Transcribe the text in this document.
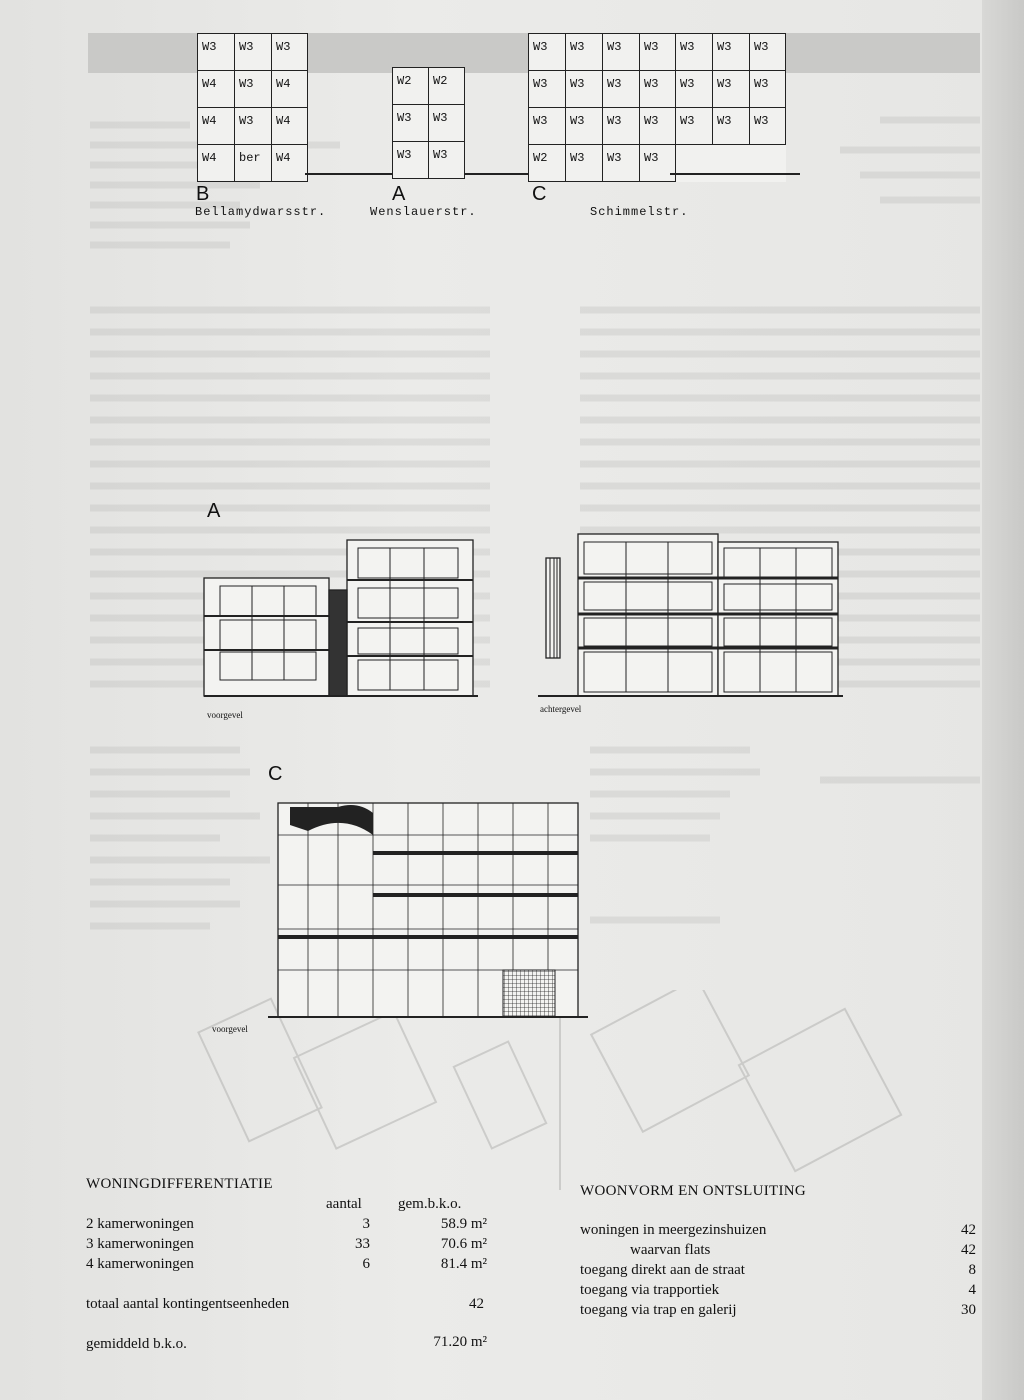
W3	W3	W3
W4	W3	W4
W4	W3	W4
W4	ber	W4
B
Bellamydwarsstr.
W2	W2
W3	W3
W3	W3
A
Wenslauerstr.
W3	W3	W3	W3	W3	W3	W3
W3	W3	W3	W3	W3	W3	W3
W3	W3	W3	W3	W3	W3	W3
W2	W3	W3	W3
C
Schimmelstr.
A
voorgevel
achtergevel
C
voorgevel
WONINGDIFFERENTIATIE
aantal gem.b.k.o.
2 kamerwoningen	3	58.9 m²
3 kamerwoningen	33	70.6 m²
4 kamerwoningen	6	81.4 m²
totaal aantal kontingentseenheden	42
gemiddeld b.k.o.	71.20 m²
WOONVORM EN ONTSLUITING
woningen in meergezinshuizen	42
waarvan flats	42
toegang direkt aan de straat	8
toegang via trapportiek	4
toegang via trap en galerij	30
